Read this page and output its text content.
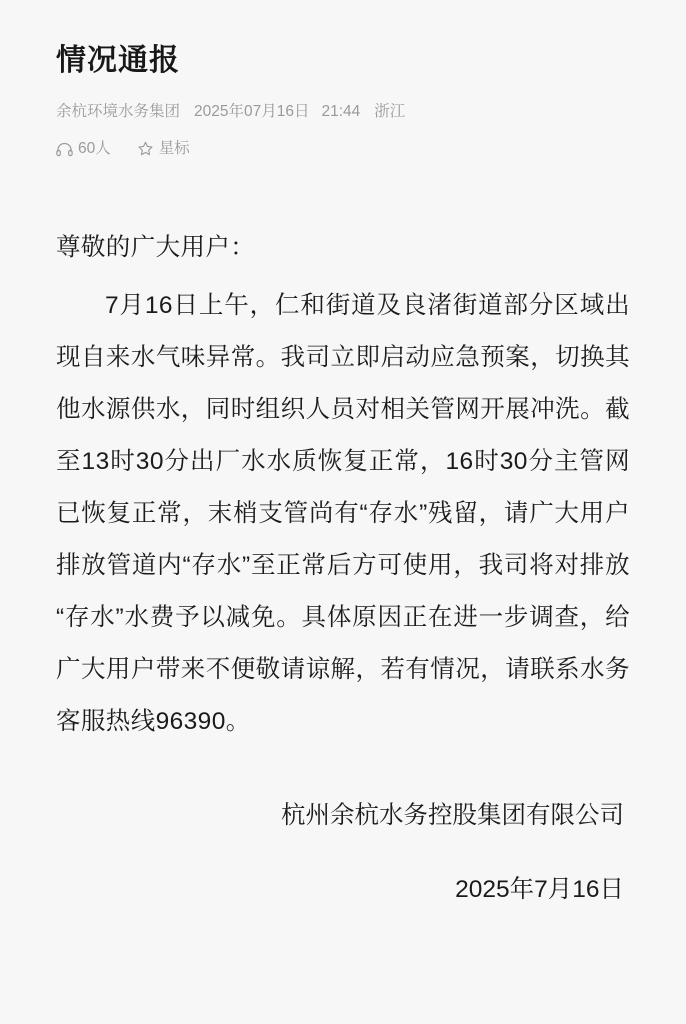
情况通报
余杭环境水务集团 2025年07月16日 21:44 浙江
60人	星标

尊敬的广大用户：

7月16日上午，仁和街道及良渚街道部分区域出现自来水气味异常。我司立即启动应急预案，切换其他水源供水，同时组织人员对相关管网开展冲洗。截至13时30分出厂水水质恢复正常，16时30分主管网已恢复正常，末梢支管尚有“存水”残留，请广大用户排放管道内“存水”至正常后方可使用，我司将对排放“存水”水费予以减免。具体原因正在进一步调查，给广大用户带来不便敬请谅解，若有情况，请联系水务客服热线96390。

杭州余杭水务控股集团有限公司
2025年7月16日
